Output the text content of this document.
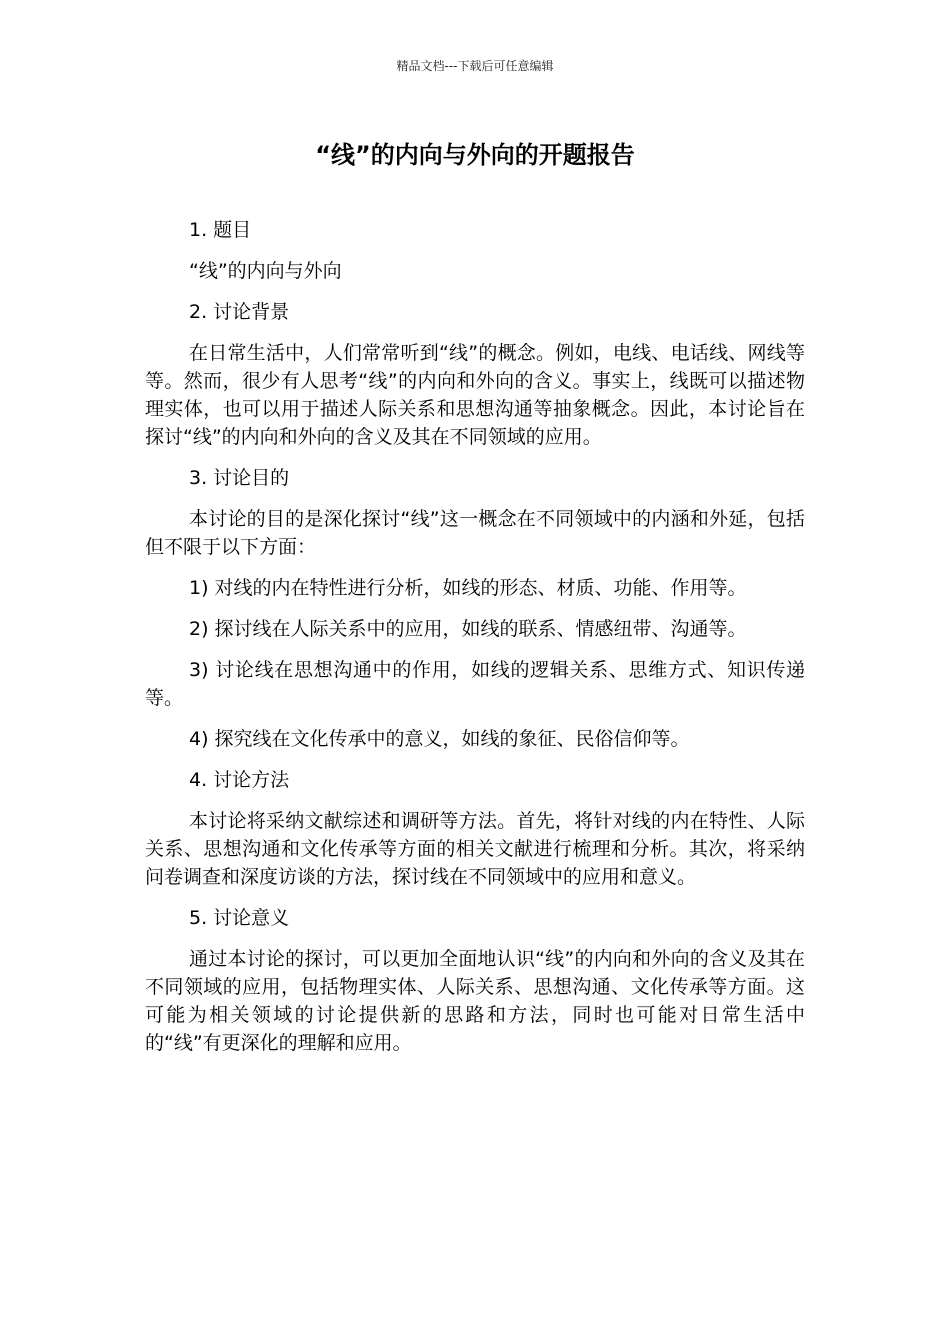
精品文档---下载后可任意编辑
“线”的内向与外向的开题报告

1. 题目

“线”的内向与外向

2. 讨论背景

在日常生活中，人们常常听到“线”的概念。例如，电线、电话线、网线等等。然而，很少有人思考“线”的内向和外向的含义。事实上，线既可以描述物理实体，也可以用于描述人际关系和思想沟通等抽象概念。因此，本讨论旨在探讨“线”的内向和外向的含义及其在不同领域的应用。

3. 讨论目的

本讨论的目的是深化探讨“线”这一概念在不同领域中的内涵和外延，包括但不限于以下方面：

1) 对线的内在特性进行分析，如线的形态、材质、功能、作用等。

2) 探讨线在人际关系中的应用，如线的联系、情感纽带、沟通等。

3) 讨论线在思想沟通中的作用，如线的逻辑关系、思维方式、知识传递等。

4) 探究线在文化传承中的意义，如线的象征、民俗信仰等。

4. 讨论方法

本讨论将采纳文献综述和调研等方法。首先，将针对线的内在特性、人际关系、思想沟通和文化传承等方面的相关文献进行梳理和分析。其次，将采纳问卷调查和深度访谈的方法，探讨线在不同领域中的应用和意义。

5. 讨论意义

通过本讨论的探讨，可以更加全面地认识“线”的内向和外向的含义及其在不同领域的应用，包括物理实体、人际关系、思想沟通、文化传承等方面。这可能为相关领域的讨论提供新的思路和方法，同时也可能对日常生活中的“线”有更深化的理解和应用。
